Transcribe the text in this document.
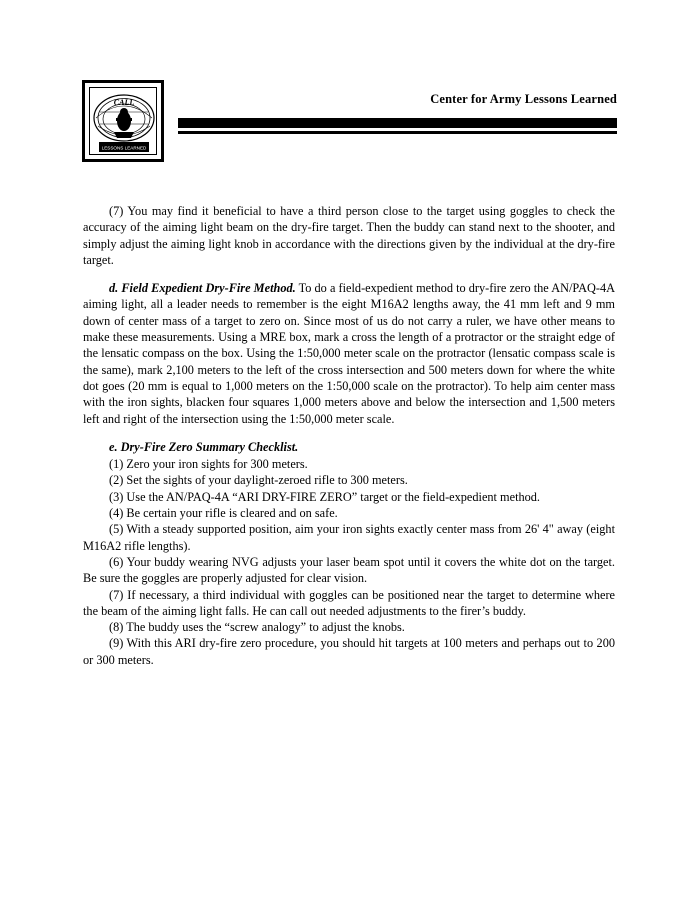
CALL
LESSONS LEARNED
Center for Army Lessons Learned

(7) You may find it beneficial to have a third person close to the target using goggles to check the accuracy of the aiming light beam on the dry-fire target. Then the buddy can stand next to the shooter, and simply adjust the aiming light knob in accordance with the directions given by the individual at the dry-fire target.

d. Field Expedient Dry-Fire Method. To do a field-expedient method to dry-fire zero the AN/PAQ-4A aiming light, all a leader needs to remember is the eight M16A2 lengths away, the 41 mm left and 9 mm down of center mass of a target to zero on. Since most of us do not carry a ruler, we have other means to make these measurements. Using a MRE box, mark a cross the length of a protractor or the straight edge of the lensatic compass on the box. Using the 1:50,000 meter scale on the protractor (lensatic compass scale is the same), mark 2,100 meters to the left of the cross intersection and 500 meters down for where the white dot goes (20 mm is equal to 1,000 meters on the 1:50,000 scale on the protractor). To help aim center mass with the iron sights, blacken four squares 1,000 meters above and below the intersection and 1,500 meters left and right of the intersection using the 1:50,000 meter scale.

e. Dry-Fire Zero Summary Checklist.

(1) Zero your iron sights for 300 meters.

(2) Set the sights of your daylight-zeroed rifle to 300 meters.

(3) Use the AN/PAQ-4A “ARI DRY-FIRE ZERO” target or the field-expedient method.

(4) Be certain your rifle is cleared and on safe.

(5) With a steady supported position, aim your iron sights exactly center mass from 26' 4" away (eight M16A2 rifle lengths).

(6) Your buddy wearing NVG adjusts your laser beam spot until it covers the white dot on the target. Be sure the goggles are properly adjusted for clear vision.

(7) If necessary, a third individual with goggles can be positioned near the target to determine where the beam of the aiming light falls. He can call out needed adjustments to the firer’s buddy.

(8) The buddy uses the “screw analogy” to adjust the knobs.

(9) With this ARI dry-fire zero procedure, you should hit targets at 100 meters and perhaps out to 200 or 300 meters.
